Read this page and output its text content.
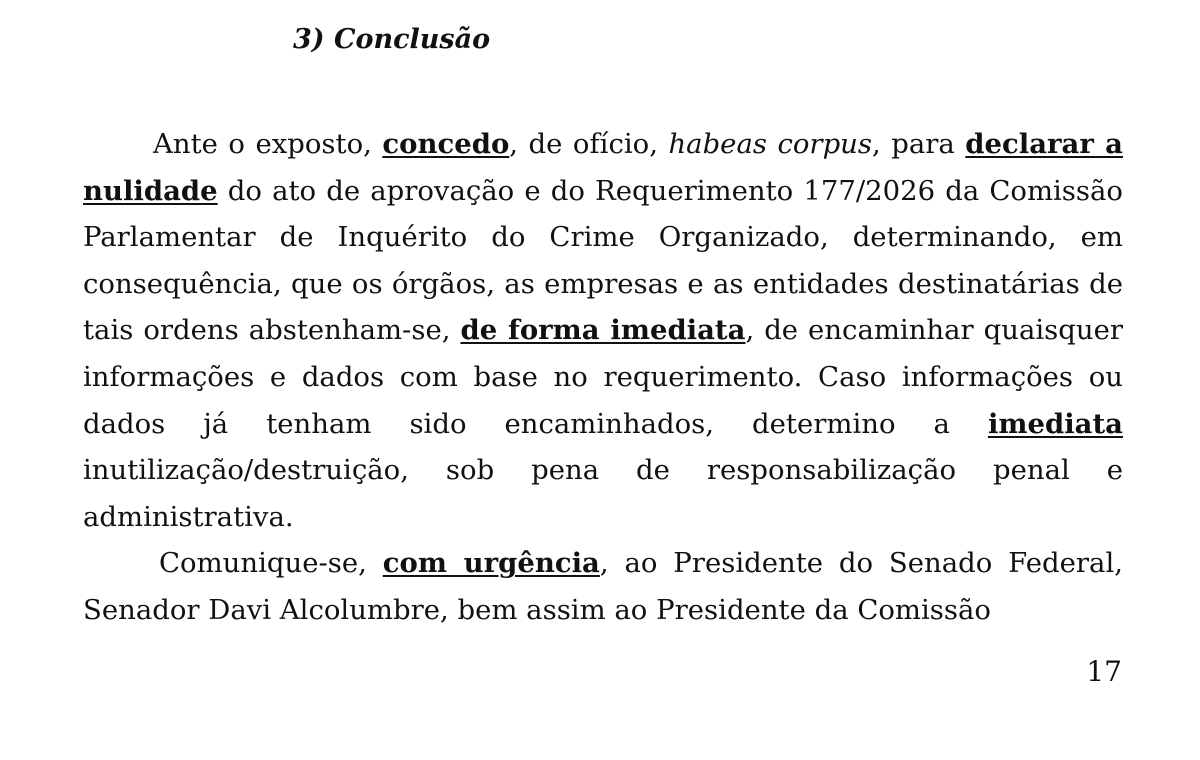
3) Conclusão

Ante o exposto, concedo, de ofício, habeas corpus, para declarar a nulidade do ato de aprovação e do Requerimento 177/2026 da Comissão Parlamentar de Inquérito do Crime Organizado, determinando, em consequência, que os órgãos, as empresas e as entidades destinatárias de tais ordens abstenham-se, de forma imediata, de encaminhar quaisquer informações e dados com base no requerimento. Caso informações ou dados já tenham sido encaminhados, determino a imediata inutilização/destruição, sob pena de responsabilização penal e administrativa.

Comunique-se, com urgência, ao Presidente do Senado Federal, Senador Davi Alcolumbre, bem assim ao Presidente da Comissão

17
